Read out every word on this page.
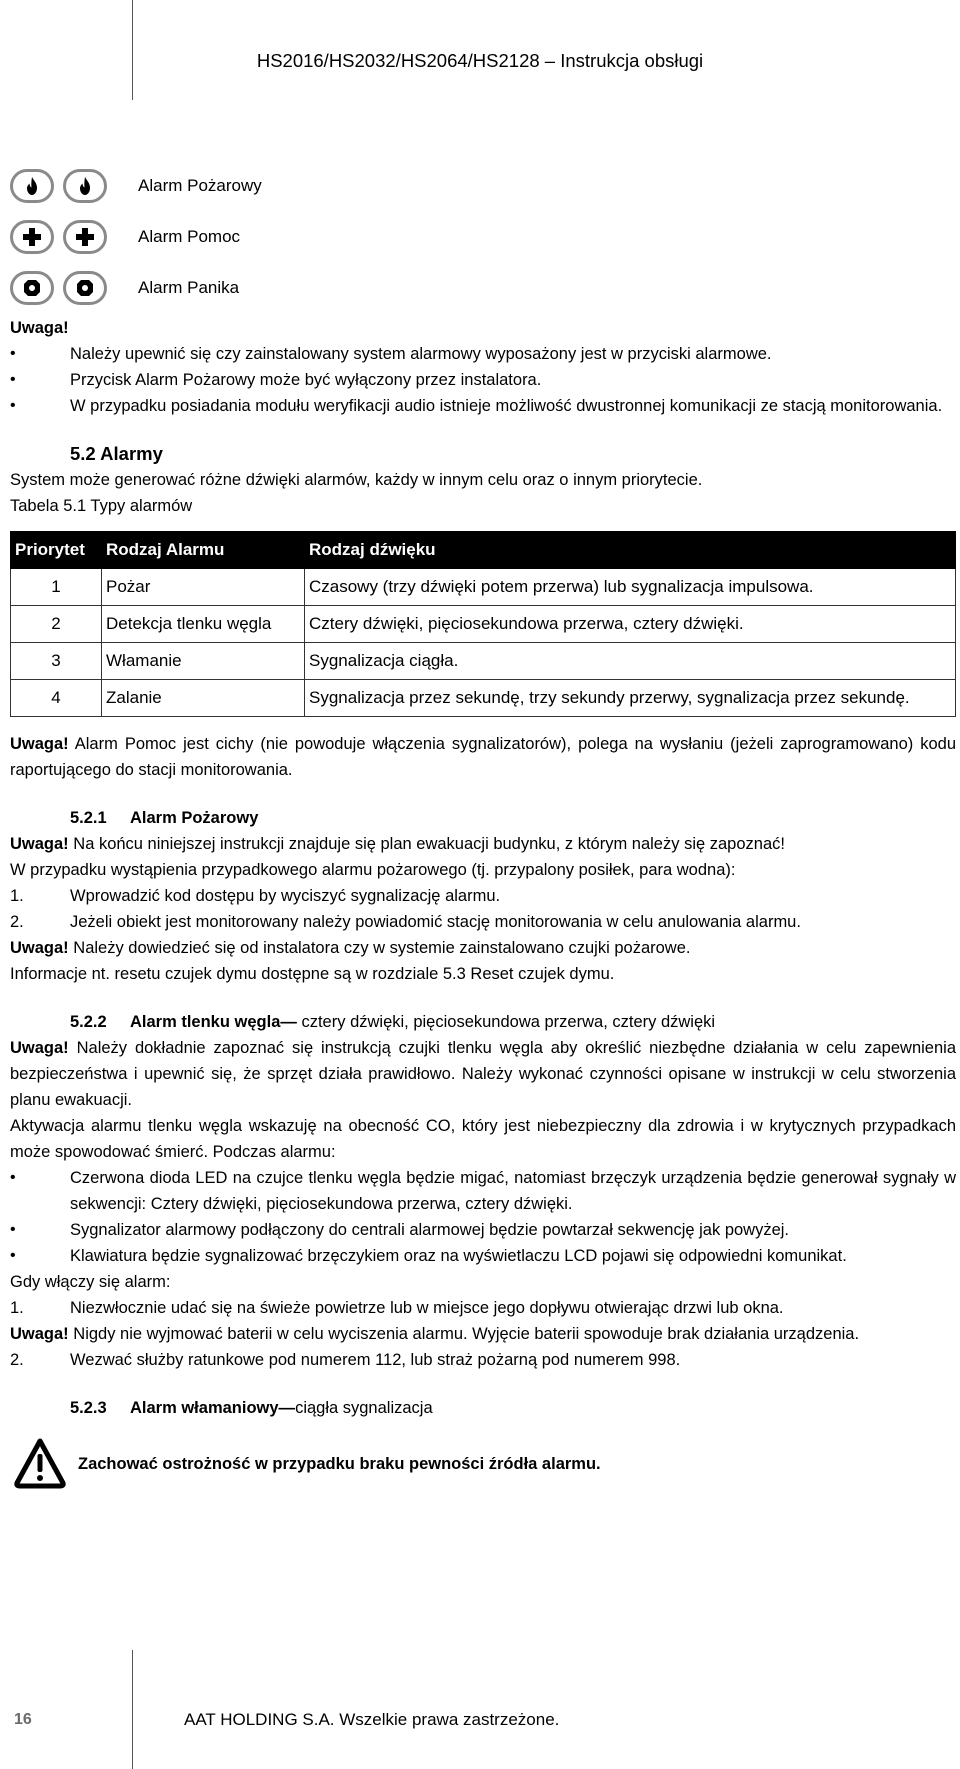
HS2016/HS2032/HS2064/HS2128 – Instrukcja obsługi
Alarm Pożarowy
Alarm Pomoc
Alarm Panika

Uwaga!

• Należy upewnić się czy zainstalowany system alarmowy wyposażony jest w przyciski alarmowe.
• Przycisk Alarm Pożarowy może być wyłączony przez instalatora.
• W przypadku posiadania modułu weryfikacji audio istnieje możliwość dwustronnej komunikacji ze stacją monitorowania.
5.2 Alarmy

System może generować różne dźwięki alarmów, każdy w innym celu oraz o innym priorytecie.

Tabela 5.1 Typy alarmów

Priorytet	Rodzaj Alarmu	Rodzaj dźwięku
1	Pożar	Czasowy (trzy dźwięki potem przerwa) lub sygnalizacja impulsowa.
2	Detekcja tlenku węgla	Cztery dźwięki, pięciosekundowa przerwa, cztery dźwięki.
3	Włamanie	Sygnalizacja ciągła.
4	Zalanie	Sygnalizacja przez sekundę, trzy sekundy przerwy, sygnalizacja przez sekundę.

Uwaga! Alarm Pomoc jest cichy (nie powoduje włączenia sygnalizatorów), polega na wysłaniu (jeżeli zaprogramowano) kodu raportującego do stacji monitorowania.

5.2.1 Alarm Pożarowy

Uwaga! Na końcu niniejszej instrukcji znajduje się plan ewakuacji budynku, z którym należy się zapoznać!

W przypadku wystąpienia przypadkowego alarmu pożarowego (tj. przypalony posiłek, para wodna):

1.	Wprowadzić kod dostępu by wyciszyć sygnalizację alarmu.
2.	Jeżeli obiekt jest monitorowany należy powiadomić stację monitorowania w celu anulowania alarmu.

Uwaga! Należy dowiedzieć się od instalatora czy w systemie zainstalowano czujki pożarowe.

Informacje nt. resetu czujek dymu dostępne są w rozdziale 5.3 Reset czujek dymu.

5.2.2 Alarm tlenku węgla— cztery dźwięki, pięciosekundowa przerwa, cztery dźwięki

Uwaga! Należy dokładnie zapoznać się instrukcją czujki tlenku węgla aby określić niezbędne działania w celu zapewnienia bezpieczeństwa i upewnić się, że sprzęt działa prawidłowo. Należy wykonać czynności opisane w instrukcji w celu stworzenia planu ewakuacji.

Aktywacja alarmu tlenku węgla wskazuję na obecność CO, który jest niebezpieczny dla zdrowia i w krytycznych przypadkach może spowodować śmierć. Podczas alarmu:

• Czerwona dioda LED na czujce tlenku węgla będzie migać, natomiast brzęczyk urządzenia będzie generował sygnały w sekwencji: Cztery dźwięki, pięciosekundowa przerwa, cztery dźwięki.
• Sygnalizator alarmowy podłączony do centrali alarmowej będzie powtarzał sekwencję jak powyżej.
• Klawiatura będzie sygnalizować brzęczykiem oraz na wyświetlaczu LCD pojawi się odpowiedni komunikat.

Gdy włączy się alarm:

1.	Niezwłocznie udać się na świeże powietrze lub w miejsce jego dopływu otwierając drzwi lub okna.

Uwaga! Nigdy nie wyjmować baterii w celu wyciszenia alarmu. Wyjęcie baterii spowoduje brak działania urządzenia.

2.	Wezwać służby ratunkowe pod numerem 112, lub straż pożarną pod numerem 998.
5.2.3 Alarm włamaniowy—ciągła sygnalizacja
Zachować ostrożność w przypadku braku pewności źródła alarmu.
16	AAT HOLDING S.A. Wszelkie prawa zastrzeżone.
